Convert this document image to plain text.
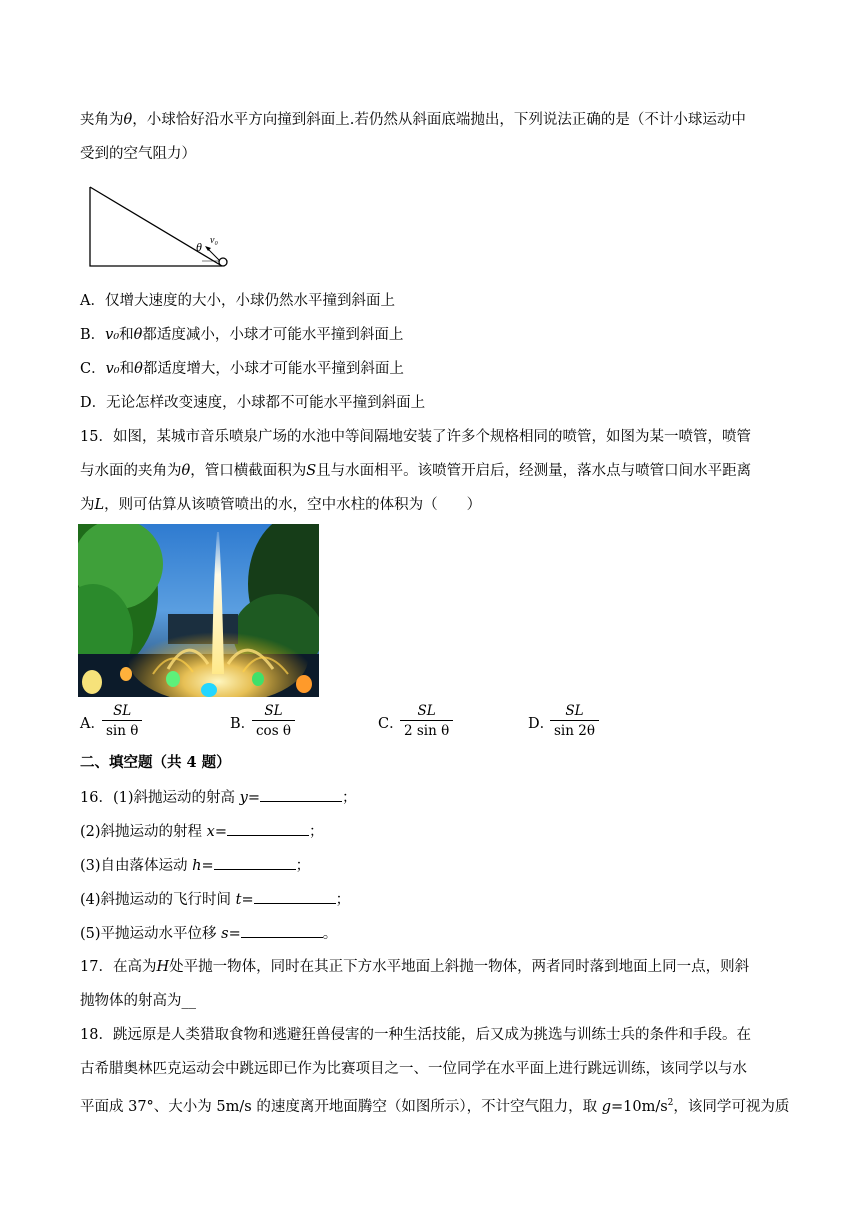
夹角为θ，小球恰好沿水平方向撞到斜面上.若仍然从斜面底端抛出，下列说法正确的是（不计小球运动中
受到的空气阻力）
θ v₀
A．仅增大速度的大小，小球仍然水平撞到斜面上
B．v₀和θ都适度减小，小球才可能水平撞到斜面上
C．v₀和θ都适度增大，小球才可能水平撞到斜面上
D．无论怎样改变速度，小球都不可能水平撞到斜面上
15．如图，某城市音乐喷泉广场的水池中等间隔地安装了许多个规格相同的喷管，如图为某一喷管，喷管
与水面的夹角为θ，管口横截面积为S且与水面相平。该喷管开启后，经测量，落水点与喷管口间水平距离
为L，则可估算从该喷管喷出的水，空中水柱的体积为（　　）
A．
SL
sin θ	B．
SL
cos θ	C．
SL
2 sin θ	D．
SL
sin 2θ
二、填空题（共 4 题）
16．(1)斜抛运动的射高 y=	；
(2)斜抛运动的射程 x=	；
(3)自由落体运动 h=	；
(4)斜抛运动的飞行时间 t=	；
(5)平抛运动水平位移 s=	。
17．在高为H处平抛一物体，同时在其正下方水平地面上斜抛一物体，两者同时落到地面上同一点，则斜
抛物体的射高为__
18．跳远原是人类猎取食物和逃避狂兽侵害的一种生活技能，后又成为挑选与训练士兵的条件和手段。在
古希腊奥林匹克运动会中跳远即已作为比赛项目之一、一位同学在水平面上进行跳远训练，该同学以与水
平面成 37°、大小为 5m/s 的速度离开地面腾空（如图所示），不计空气阻力，取 $g=10m/s^2$，该同学可视为质
